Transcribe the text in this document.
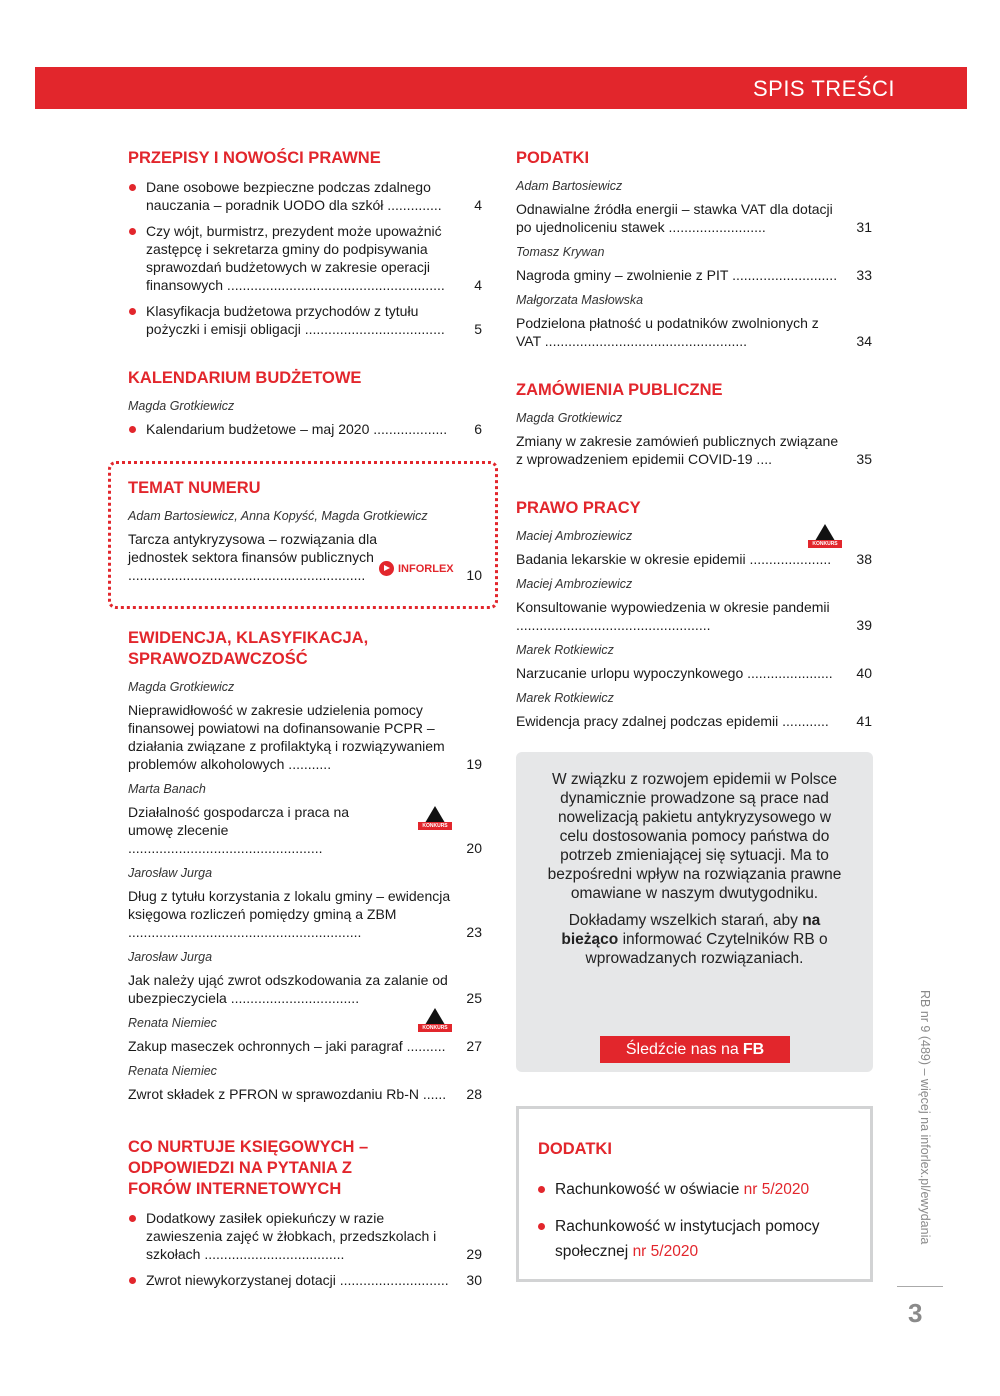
SPIS TREŚCI
PRZEPISY I NOWOŚCI PRAWNE
Dane osobowe bezpieczne podczas zdalnego nauczania – poradnik UODO dla szkół ..............	4
Czy wójt, burmistrz, prezydent może upoważnić zastępcę i sekretarza gminy do podpisywania sprawozdań budżetowych w zakresie operacji finansowych ........................................................	4
Klasyfikacja budżetowa przychodów z tytułu pożyczki i emisji obligacji ....................................	5
KALENDARIUM BUDŻETOWE
Magda Grotkiewicz
Kalendarium budżetowe – maj 2020 ...................	6
TEMAT NUMERU
Adam Bartosiewicz, Anna Kopyść, Magda Grotkiewicz
Tarcza antykryzysowa – rozwiązania dla jednostek sektora finansów publicznych .............................................................	10
EWIDENCJA, KLASYFIKACJA, SPRAWOZDAWCZOŚĆ
Magda Grotkiewicz
Nieprawidłowość w zakresie udzielenia pomocy finansowej powiatowi na dofinansowanie PCPR – działania związane z profilaktyką i rozwiązywaniem problemów alkoholowych ...........	19
Marta Banach
Działalność gospodarcza i praca na umowę zlecenie ..................................................	20
Jarosław Jurga
Dług z tytułu korzystania z lokalu gminy – ewidencja księgowa rozliczeń pomiędzy gminą a ZBM ............................................................	23
Jarosław Jurga
Jak należy ująć zwrot odszkodowania za zalanie od ubezpieczyciela .................................	25
Renata Niemiec
Zakup maseczek ochronnych – jaki paragraf ..........	27
Renata Niemiec
Zwrot składek z PFRON w sprawozdaniu Rb-N ......	28
CO NURTUJE KSIĘGOWYCH – ODPOWIEDZI NA PYTANIA Z FORÓW INTERNETOWYCH
Dodatkowy zasiłek opiekuńczy w razie zawieszenia zajęć w żłobkach, przedszkolach i szkołach ....................................	29
Zwrot niewykorzystanej dotacji ............................	30
INFORLEX
PODATKI
Adam Bartosiewicz
Odnawialne źródła energii – stawka VAT dla dotacji po ujednoliceniu stawek .........................	31
Tomasz Krywan
Nagroda gminy – zwolnienie z PIT ...........................	33
Małgorzata Masłowska
Podzielona płatność u podatników zwolnionych z VAT ....................................................	34
ZAMÓWIENIA PUBLICZNE
Magda Grotkiewicz
Zmiany w zakresie zamówień publicznych związane z wprowadzeniem epidemii COVID-19 ....	35
PRAWO PRACY
Maciej Ambroziewicz
Badania lekarskie w okresie epidemii .....................	38
Maciej Ambroziewicz
Konsultowanie wypowiedzenia w okresie pandemii ..................................................	39
Marek Rotkiewicz
Narzucanie urlopu wypoczynkowego ......................	40
Marek Rotkiewicz
Ewidencja pracy zdalnej podczas epidemii ............	41
KONKURS
KONKURS
KONKURS

W związku z rozwojem epidemii w Polsce dynamicznie prowadzone są prace nad nowelizacją pakietu antykryzysowego w celu dostosowania pomocy państwa do potrzeb zmieniającej się sytuacji. Ma to bezpośredni wpływ na rozwiązania prawne omawiane w naszym dwutygodniku.

Dokładamy wszelkich starań, aby na bieżąco informować Czytelników RB o wprowadzanych rozwiązaniach.

Śledźcie nas na FB
DODATKI
Rachunkowość w oświacie nr 5/2020
Rachunkowość w instytucjach pomocy społecznej nr 5/2020
RB nr 9 (489) – więcej na inforlex.pl/ewydania
3
